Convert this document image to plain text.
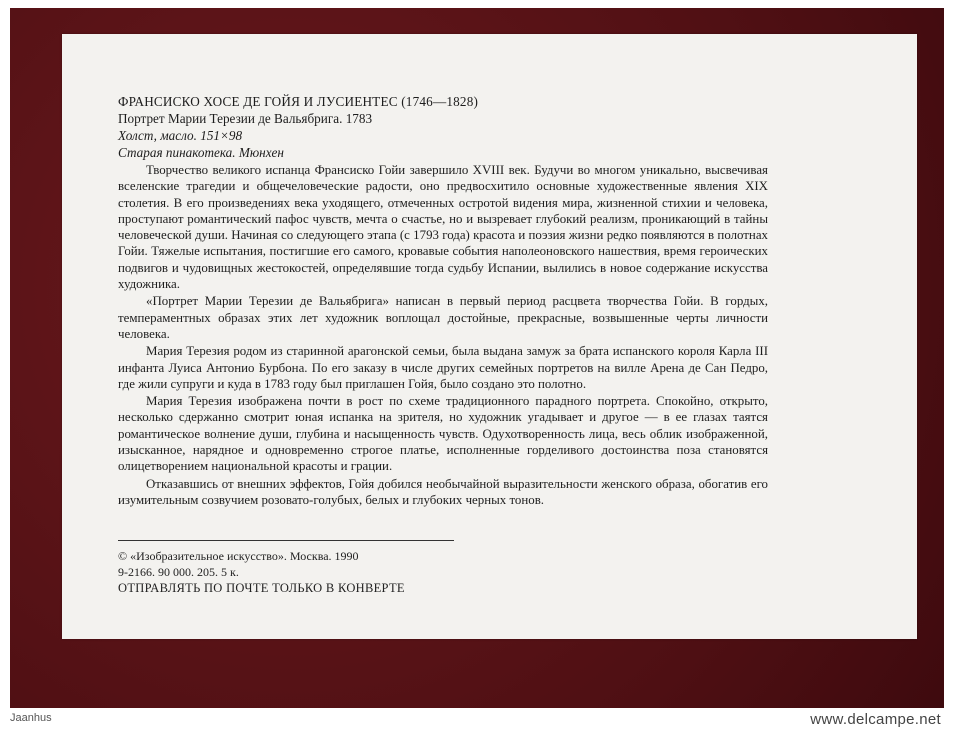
ФРАНСИСКО ХОСЕ ДЕ ГОЙЯ И ЛУСИЕНТЕС (1746—1828)
Портрет Марии Терезии де Вальябрига. 1783
Холст, масло. 151×98
Старая пинакотека. Мюнхен

Творчество великого испанца Франсиско Гойи завершило XVIII век. Будучи во многом уникально, высвечивая вселенские трагедии и общечеловеческие радости, оно предвосхитило основные художественные явления XIX столетия. В его произведениях века уходящего, отмеченных остротой видения мира, жизненной стихии и человека, проступают романтический пафос чувств, мечта о счастье, но и вызревает глубокий реализм, проникающий в тайны человеческой души. Начиная со следующего этапа (с 1793 года) красота и поэзия жизни редко появляются в полотнах Гойи. Тяжелые испытания, постигшие его самого, кровавые события наполеоновского нашествия, время героических подвигов и чудовищных жестокостей, определявшие тогда судьбу Испании, вылились в новое содержание искусства художника.

«Портрет Марии Терезии де Вальябрига» написан в первый период расцвета творчества Гойи. В гордых, темпераментных образах этих лет художник воплощал достойные, прекрасные, возвышенные черты личности человека.

Мария Терезия родом из старинной арагонской семьи, была выдана замуж за брата испанского короля Карла III инфанта Луиса Антонио Бурбона. По его заказу в числе других семейных портретов на вилле Арена де Сан Педро, где жили супруги и куда в 1783 году был приглашен Гойя, было создано это полотно.

Мария Терезия изображена почти в рост по схеме традиционного парадного портрета. Спокойно, открыто, несколько сдержанно смотрит юная испанка на зрителя, но художник угадывает и другое — в ее глазах таятся романтическое волнение души, глубина и насыщенность чувств. Одухотворенность лица, весь облик изображенной, изысканное, нарядное и одновременно строгое платье, исполненные горделивого достоинства поза становятся олицетворением национальной красоты и грации.

Отказавшись от внешних эффектов, Гойя добился необычайной выразительности женского образа, обогатив его изумительным созвучием розовато-голубых, белых и глубоких черных тонов.

© «Изобразительное искусство». Москва. 1990
9-2166. 90 000. 205. 5 к.
ОТПРАВЛЯТЬ ПО ПОЧТЕ ТОЛЬКО В КОНВЕРТЕ
Jaanhus	www.delcampe.net
